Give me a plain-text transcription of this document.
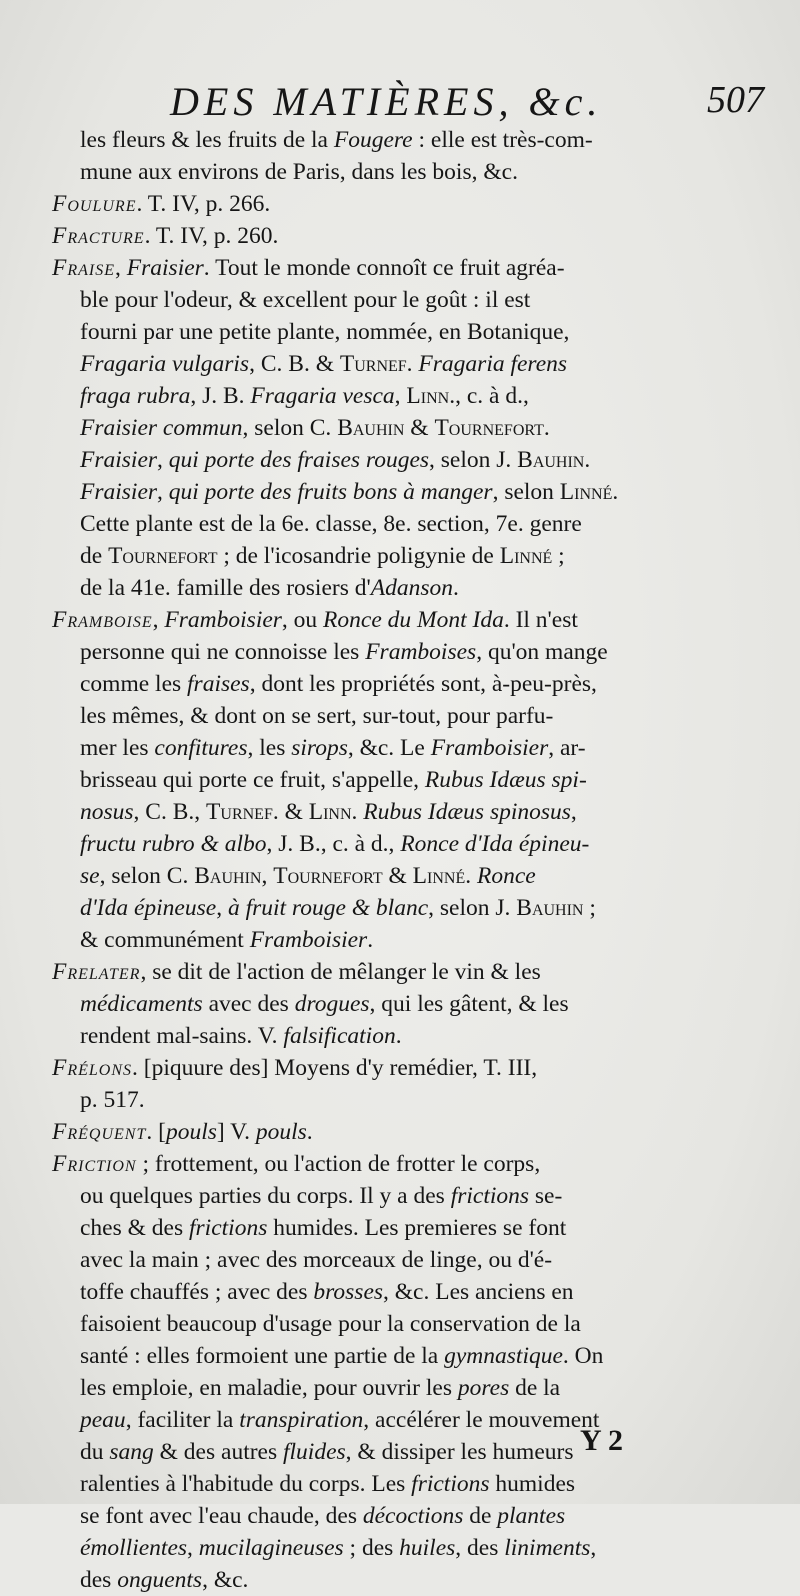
DES MATIÈRES, &c.	507
les fleurs & les fruits de la Fougere : elle est très-com-
mune aux environs de Paris, dans les bois, &c.
Foulure. T. IV, p. 266.
Fracture. T. IV, p. 260.
Fraise, Fraisier. Tout le monde connoît ce fruit agréa-
ble pour l'odeur, & excellent pour le goût : il est
fourni par une petite plante, nommée, en Botanique,
Fragaria vulgaris, C. B. & Turnef. Fragaria ferens
fraga rubra, J. B. Fragaria vesca, Linn., c. à d.,
Fraisier commun, selon C. Bauhin & Tournefort.
Fraisier, qui porte des fraises rouges, selon J. Bauhin.
Fraisier, qui porte des fruits bons à manger, selon Linné.
Cette plante est de la 6e. classe, 8e. section, 7e. genre
de Tournefort ; de l'icosandrie poligynie de Linné ;
de la 41e. famille des rosiers d'Adanson.
Framboise, Framboisier, ou Ronce du Mont Ida. Il n'est
personne qui ne connoisse les Framboises, qu'on mange
comme les fraises, dont les propriétés sont, à-peu-près,
les mêmes, & dont on se sert, sur-tout, pour parfu-
mer les confitures, les sirops, &c. Le Framboisier, ar-
brisseau qui porte ce fruit, s'appelle, Rubus Idæus spi-
nosus, C. B., Turnef. & Linn. Rubus Idæus spinosus,
fructu rubro & albo, J. B., c. à d., Ronce d'Ida épineu-
se, selon C. Bauhin, Tournefort & Linné. Ronce
d'Ida épineuse, à fruit rouge & blanc, selon J. Bauhin ;
& communément Framboisier.
Frelater, se dit de l'action de mêlanger le vin & les
médicaments avec des drogues, qui les gâtent, & les
rendent mal-sains. V. falsification.
Frélons. [piquure des] Moyens d'y remédier, T. III,
p. 517.
Fréquent. [pouls] V. pouls.
Friction ; frottement, ou l'action de frotter le corps,
ou quelques parties du corps. Il y a des frictions se-
ches & des frictions humides. Les premieres se font
avec la main ; avec des morceaux de linge, ou d'é-
toffe chauffés ; avec des brosses, &c. Les anciens en
faisoient beaucoup d'usage pour la conservation de la
santé : elles formoient une partie de la gymnastique. On
les emploie, en maladie, pour ouvrir les pores de la
peau, faciliter la transpiration, accélérer le mouvement
du sang & des autres fluides, & dissiper les humeurs
ralenties à l'habitude du corps. Les frictions humides
se font avec l'eau chaude, des décoctions de plantes
émollientes, mucilagineuses ; des huiles, des liniments,
des onguents, &c.
Y 2
